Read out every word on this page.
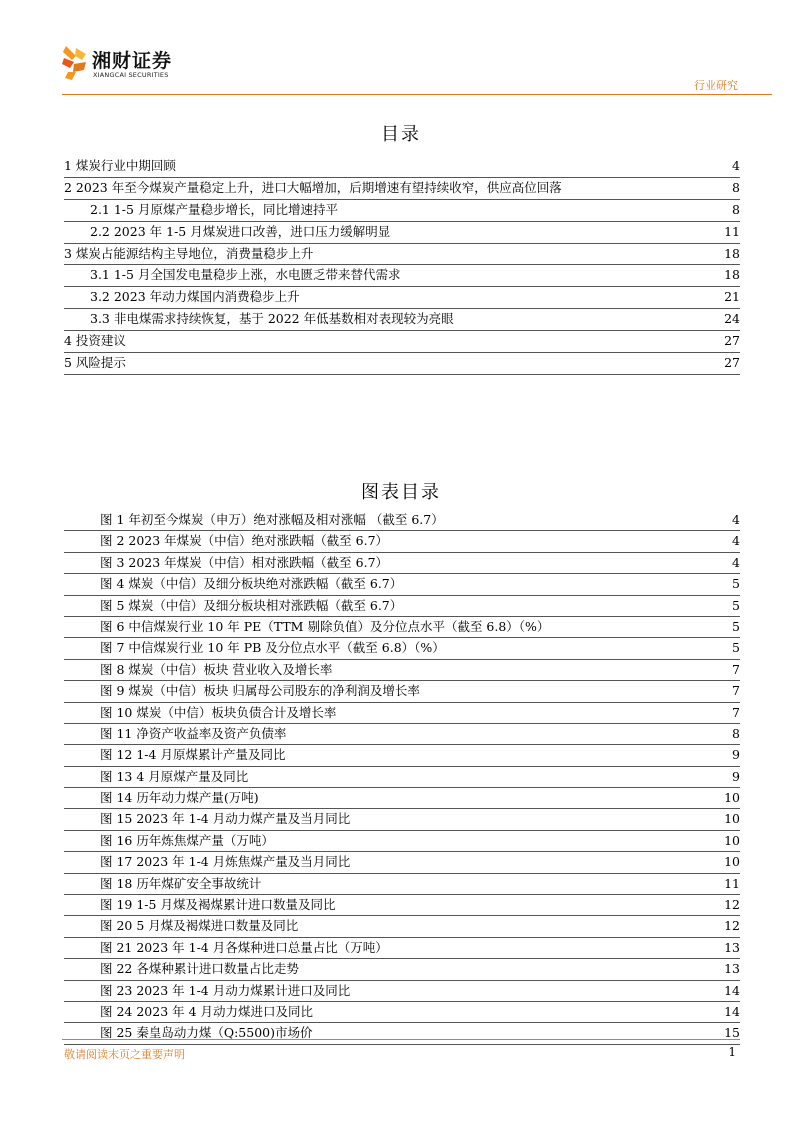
湘财证券
XIANGCAI SECURITIES
行业研究
目录
1 煤炭行业中期回顾	4
2 2023 年至今煤炭产量稳定上升，进口大幅增加，后期增速有望持续收窄，供应高位回落	8
2.1 1-5 月原煤产量稳步增长，同比增速持平	8
2.2 2023 年 1-5 月煤炭进口改善，进口压力缓解明显	11
3 煤炭占能源结构主导地位，消费量稳步上升	18
3.1 1-5 月全国发电量稳步上涨，水电匮乏带来替代需求	18
3.2 2023 年动力煤国内消费稳步上升	21
3.3 非电煤需求持续恢复，基于 2022 年低基数相对表现较为亮眼	24
4 投资建议	27
5 风险提示	27
图表目录
图 1 年初至今煤炭（申万）绝对涨幅及相对涨幅 （截至 6.7）	4
图 2 2023 年煤炭（中信）绝对涨跌幅（截至 6.7）	4
图 3 2023 年煤炭（中信）相对涨跌幅（截至 6.7）	4
图 4 煤炭（中信）及细分板块绝对涨跌幅（截至 6.7）	5
图 5 煤炭（中信）及细分板块相对涨跌幅（截至 6.7）	5
图 6 中信煤炭行业 10 年 PE（TTM 剔除负值）及分位点水平（截至 6.8）（%）	5
图 7 中信煤炭行业 10 年 PB 及分位点水平（截至 6.8）（%）	5
图 8 煤炭（中信）板块 营业收入及增长率	7
图 9 煤炭（中信）板块 归属母公司股东的净利润及增长率	7
图 10 煤炭（中信）板块负债合计及增长率	7
图 11 净资产收益率及资产负债率	8
图 12 1-4 月原煤累计产量及同比	9
图 13 4 月原煤产量及同比	9
图 14 历年动力煤产量(万吨)	10
图 15 2023 年 1-4 月动力煤产量及当月同比	10
图 16 历年炼焦煤产量（万吨）	10
图 17 2023 年 1-4 月炼焦煤产量及当月同比	10
图 18 历年煤矿安全事故统计	11
图 19 1-5 月煤及褐煤累计进口数量及同比	12
图 20 5 月煤及褐煤进口数量及同比	12
图 21 2023 年 1-4 月各煤种进口总量占比（万吨）	13
图 22 各煤种累计进口数量占比走势	13
图 23 2023 年 1-4 月动力煤累计进口及同比	14
图 24 2023 年 4 月动力煤进口及同比	14
图 25 秦皇岛动力煤（Q:5500)市场价	15
敬请阅读末页之重要声明	1
